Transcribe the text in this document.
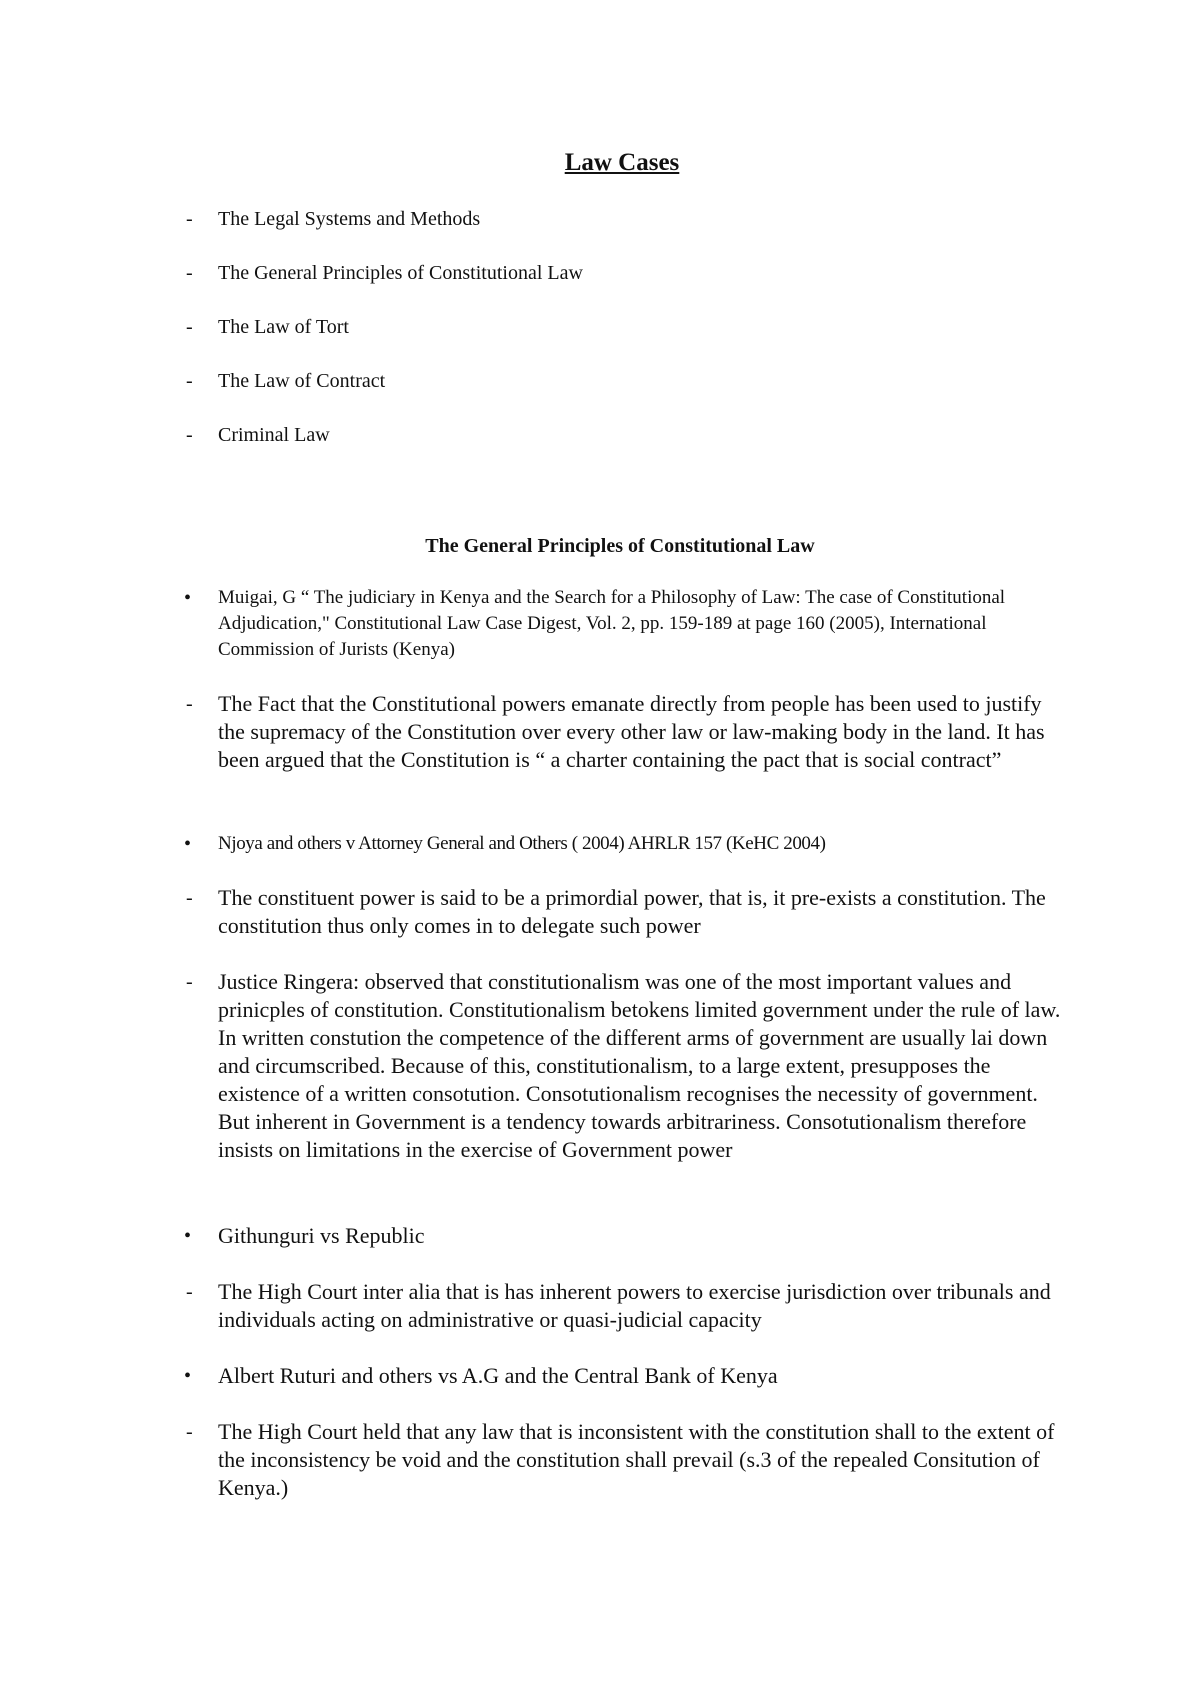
Law Cases
-	The Legal Systems and Methods
-	The General Principles of Constitutional Law
-	The Law of Tort
-	The Law of Contract
-	Criminal Law
The General Principles of Constitutional Law
•	Muigai, G “ The judiciary in Kenya and the Search for a Philosophy of Law: The case of Constitutional Adjudication," Constitutional Law Case Digest, Vol. 2, pp. 159-189 at page 160 (2005), International Commission of Jurists (Kenya)
-	The Fact that the Constitutional powers emanate directly from people has been used to justify the supremacy of the Constitution over every other law or law-making body in the land. It has been argued that the Constitution is “ a charter containing the pact that is social contract”
•	Njoya and others v Attorney General and Others ( 2004) AHRLR 157 (KeHC 2004)
-	The constituent power is said to be a primordial power, that is, it pre-exists a constitution. The constitution thus only comes in to delegate such power
-	Justice Ringera: observed that constitutionalism was one of the most important values and prinicples of constitution. Constitutionalism betokens limited government under the rule of law. In written constution the competence of the different arms of government are usually lai down and circumscribed. Because of this, constitutionalism, to a large extent, presupposes the existence of a written consotution. Consotutionalism recognises the necessity of government. But inherent in Government is a tendency towards arbitrariness. Consotutionalism therefore insists on limitations in the exercise of Government power
•	Githunguri vs Republic
-	The High Court inter alia that is has inherent powers to exercise jurisdiction over tribunals and individuals acting on administrative or quasi-judicial capacity
•	Albert Ruturi and others vs A.G and the Central Bank of Kenya
-	The High Court held that any law that is inconsistent with the constitution shall to the extent of the inconsistency be void and the constitution shall prevail (s.3 of the repealed Consitution of Kenya.)
